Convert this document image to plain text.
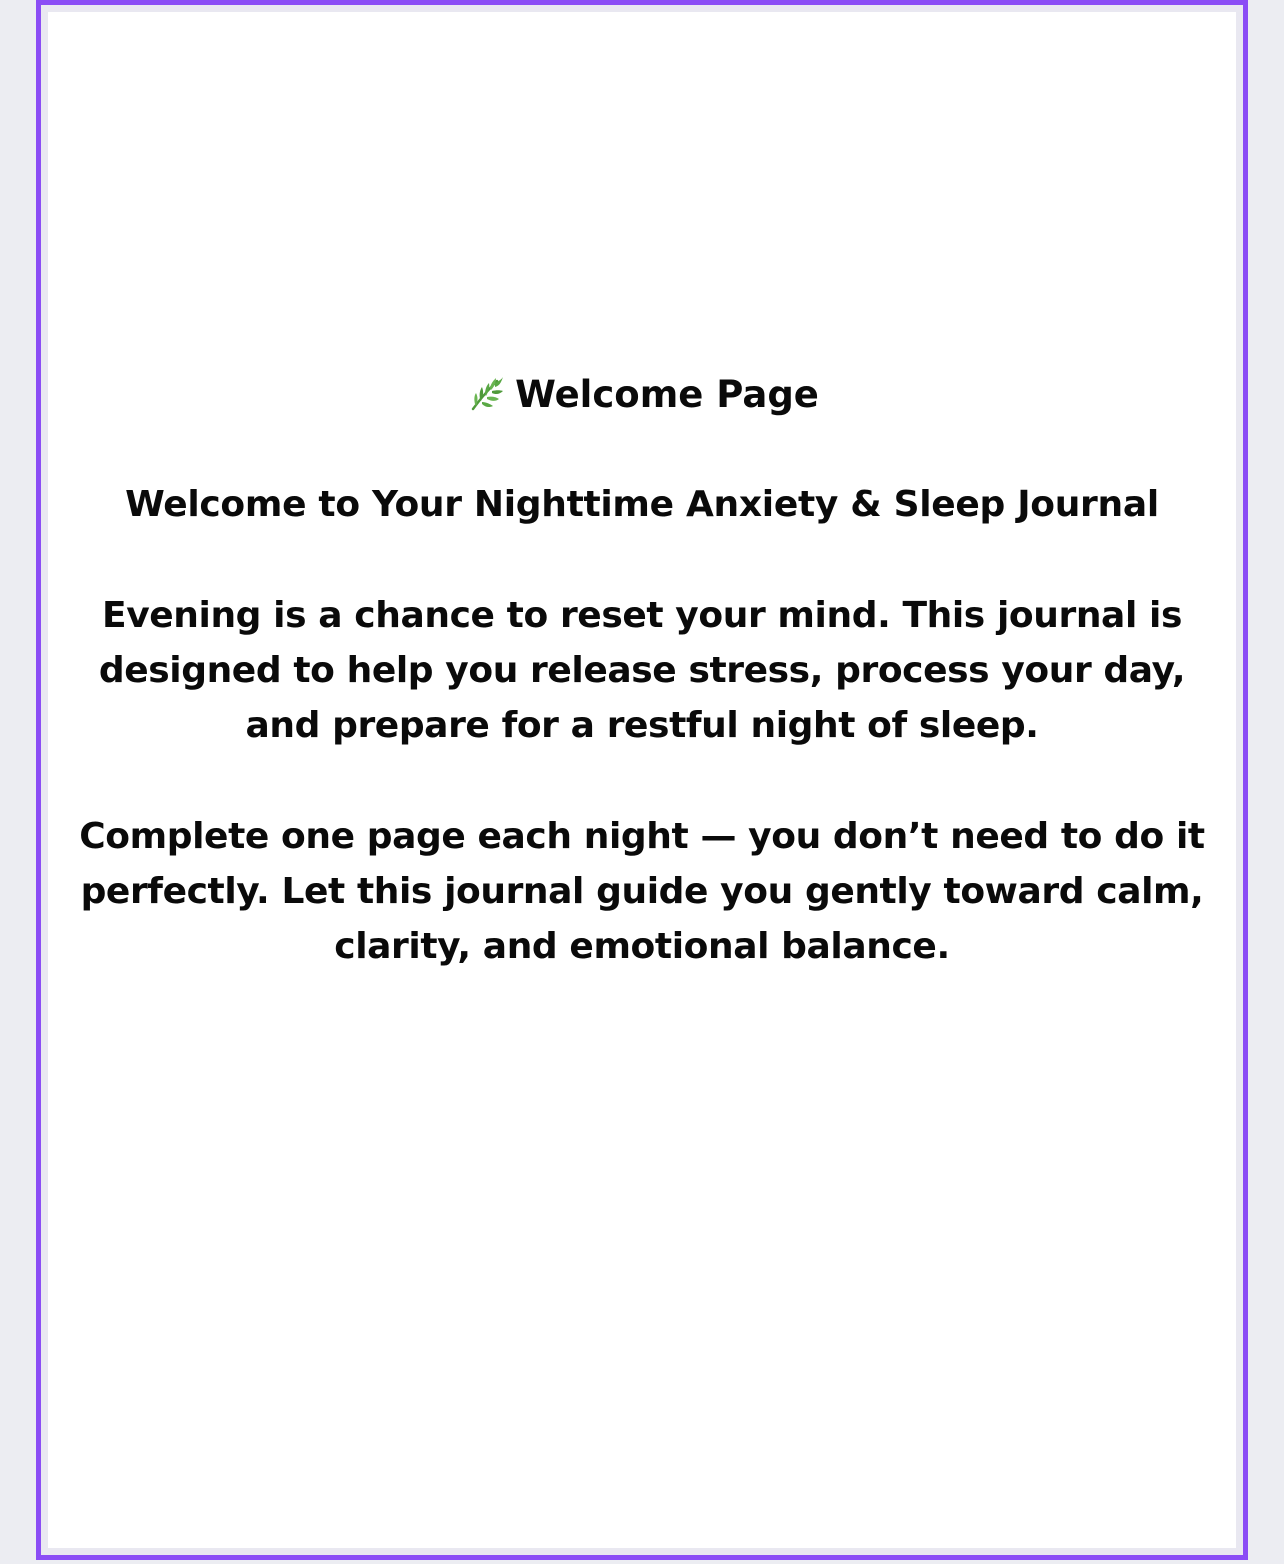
Welcome Page
Welcome to Your Nighttime Anxiety & Sleep Journal

Evening is a chance to reset your mind. This journal is designed to help you release stress, process your day, and prepare for a restful night of sleep.

Complete one page each night — you don’t need to do it perfectly. Let this journal guide you gently toward calm, clarity, and emotional balance.
